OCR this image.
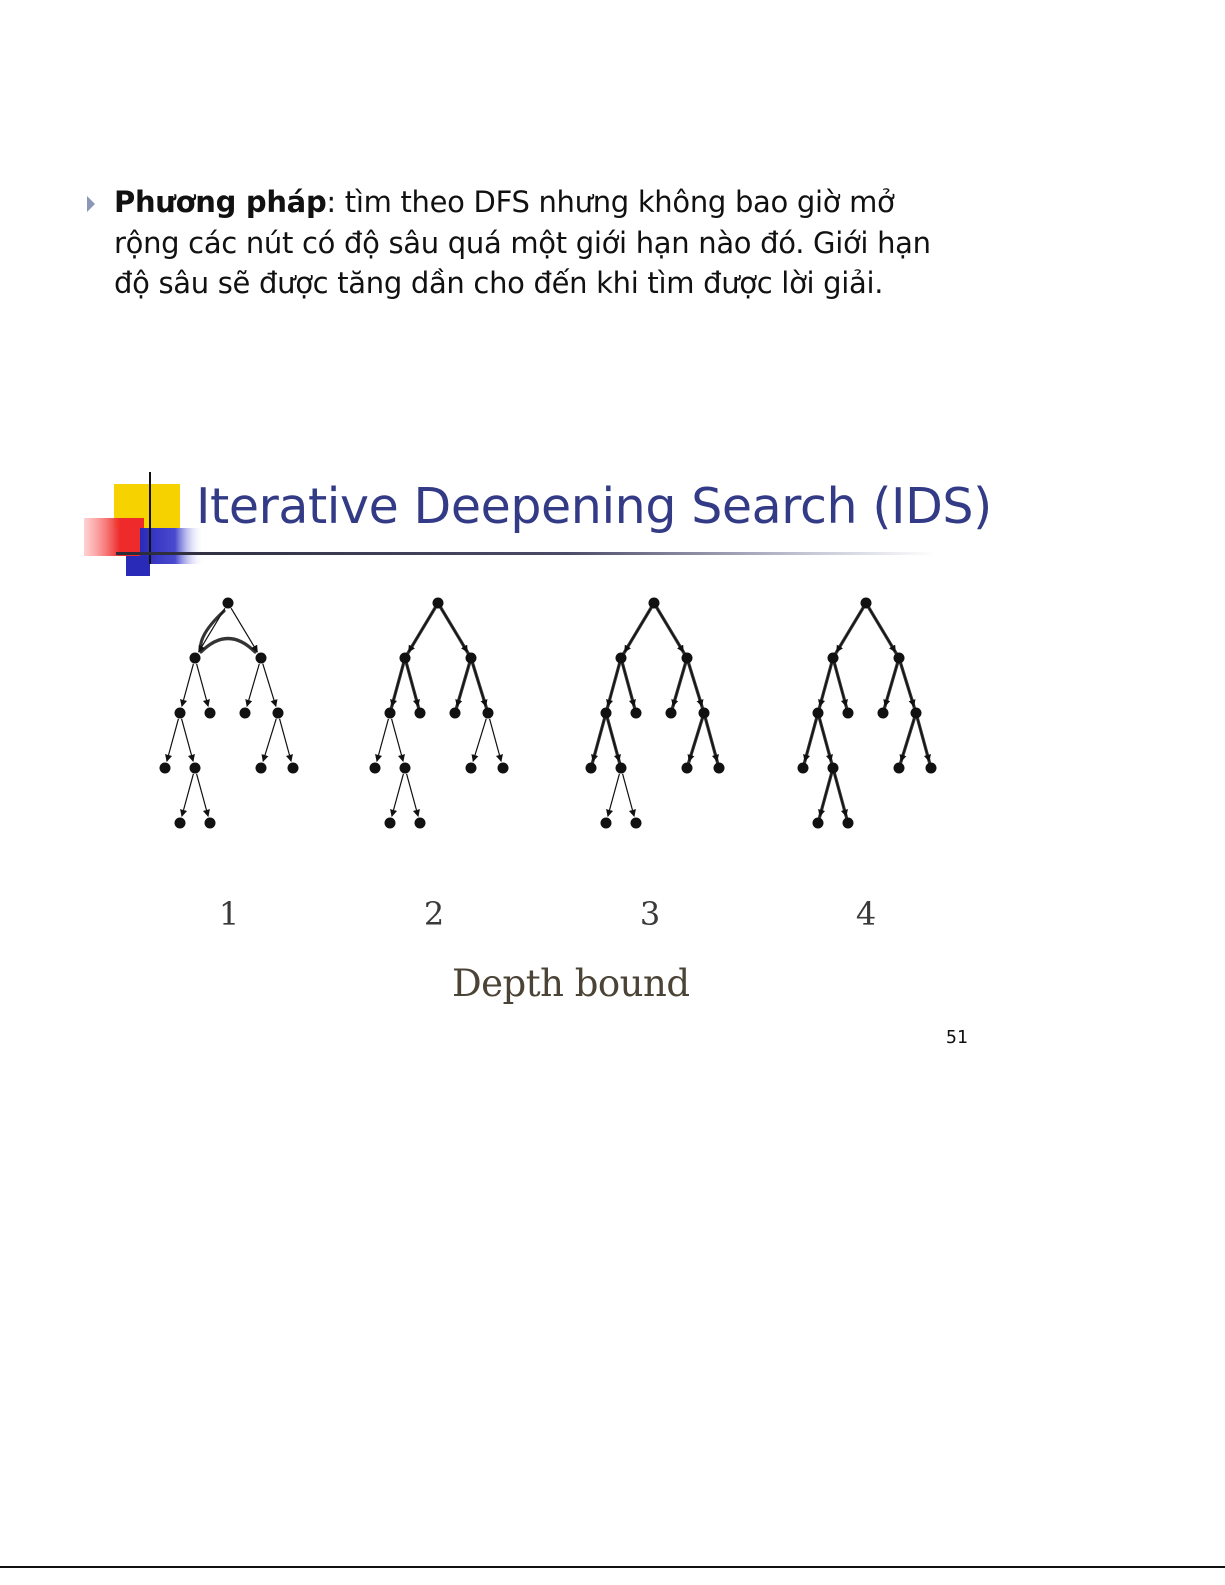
Phương pháp: tìm theo DFS nhưng không bao giờ mở rộng các nút có độ sâu quá một giới hạn nào đó. Giới hạn độ sâu sẽ được tăng dần cho đến khi tìm được lời giải.
Iterative Deepening Search (IDS)
1	2	3	4
Depth bound
51
